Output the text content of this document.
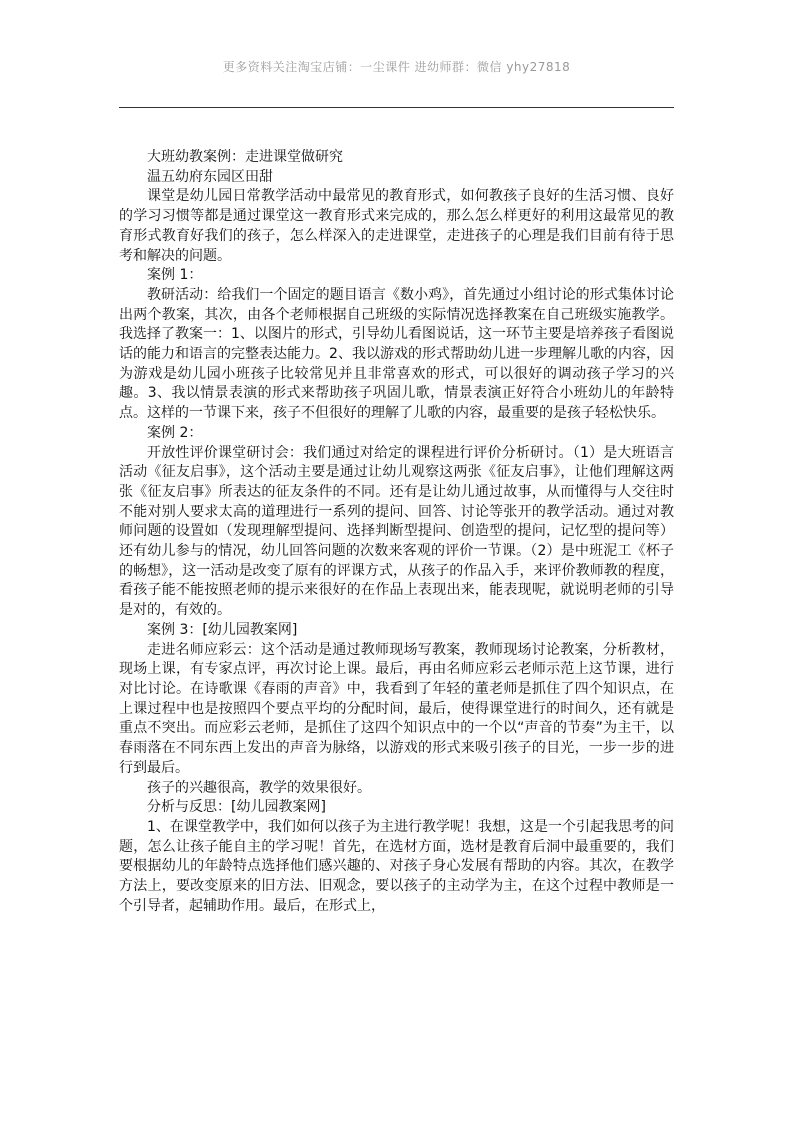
更多资料关注淘宝店铺：一尘课件 进幼师群：微信 yhy27818

大班幼教案例：走进课堂做研究

温五幼府东园区田甜

课堂是幼儿园日常教学活动中最常见的教育形式，如何教孩子良好的生活习惯、良好的学习习惯等都是通过课堂这一教育形式来完成的，那么怎么样更好的利用这最常见的教育形式教育好我们的孩子，怎么样深入的走进课堂，走进孩子的心理是我们目前有待于思考和解决的问题。

案例 1：

教研活动：给我们一个固定的题目语言《数小鸡》，首先通过小组讨论的形式集体讨论出两个教案，其次，由各个老师根据自己班级的实际情况选择教案在自己班级实施教学。我选择了教案一：1、以图片的形式，引导幼儿看图说话，这一环节主要是培养孩子看图说话的能力和语言的完整表达能力。2、我以游戏的形式帮助幼儿进一步理解儿歌的内容，因为游戏是幼儿园小班孩子比较常见并且非常喜欢的形式，可以很好的调动孩子学习的兴趣。3、我以情景表演的形式来帮助孩子巩固儿歌，情景表演正好符合小班幼儿的年龄特点。这样的一节课下来，孩子不但很好的理解了儿歌的内容，最重要的是孩子轻松快乐。

案例 2：

开放性评价课堂研讨会：我们通过对给定的课程进行评价分析研讨。（1）是大班语言活动《征友启事》，这个活动主要是通过让幼儿观察这两张《征友启事》，让他们理解这两张《征友启事》所表达的征友条件的不同。还有是让幼儿通过故事，从而懂得与人交往时不能对别人要求太高的道理进行一系列的提问、回答、讨论等张开的教学活动。通过对教师问题的设置如（发现理解型提问、选择判断型提问、创造型的提问，记忆型的提问等）还有幼儿参与的情况，幼儿回答问题的次数来客观的评价一节课。（2）是中班泥工《杯子的畅想》，这一活动是改变了原有的评课方式，从孩子的作品入手，来评价教师教的程度，看孩子能不能按照老师的提示来很好的在作品上表现出来，能表现呢，就说明老师的引导是对的，有效的。

案例 3：[幼儿园教案网]

走进名师应彩云：这个活动是通过教师现场写教案，教师现场讨论教案，分析教材，现场上课，有专家点评，再次讨论上课。最后，再由名师应彩云老师示范上这节课，进行对比讨论。在诗歌课《春雨的声音》中，我看到了年轻的董老师是抓住了四个知识点，在上课过程中也是按照四个要点平均的分配时间，最后，使得课堂进行的时间久，还有就是重点不突出。而应彩云老师，是抓住了这四个知识点中的一个以“声音的节奏”为主干，以春雨落在不同东西上发出的声音为脉络，以游戏的形式来吸引孩子的目光，一步一步的进行到最后。

孩子的兴趣很高，教学的效果很好。

分析与反思：[幼儿园教案网]

1、在课堂教学中，我们如何以孩子为主进行教学呢！我想，这是一个引起我思考的问题，怎么让孩子能自主的学习呢！首先，在选材方面，选材是教育后洞中最重要的，我们要根据幼儿的年龄特点选择他们感兴趣的、对孩子身心发展有帮助的内容。其次，在教学方法上，要改变原来的旧方法、旧观念，要以孩子的主动学为主，在这个过程中教师是一个引导者，起辅助作用。最后，在形式上，
